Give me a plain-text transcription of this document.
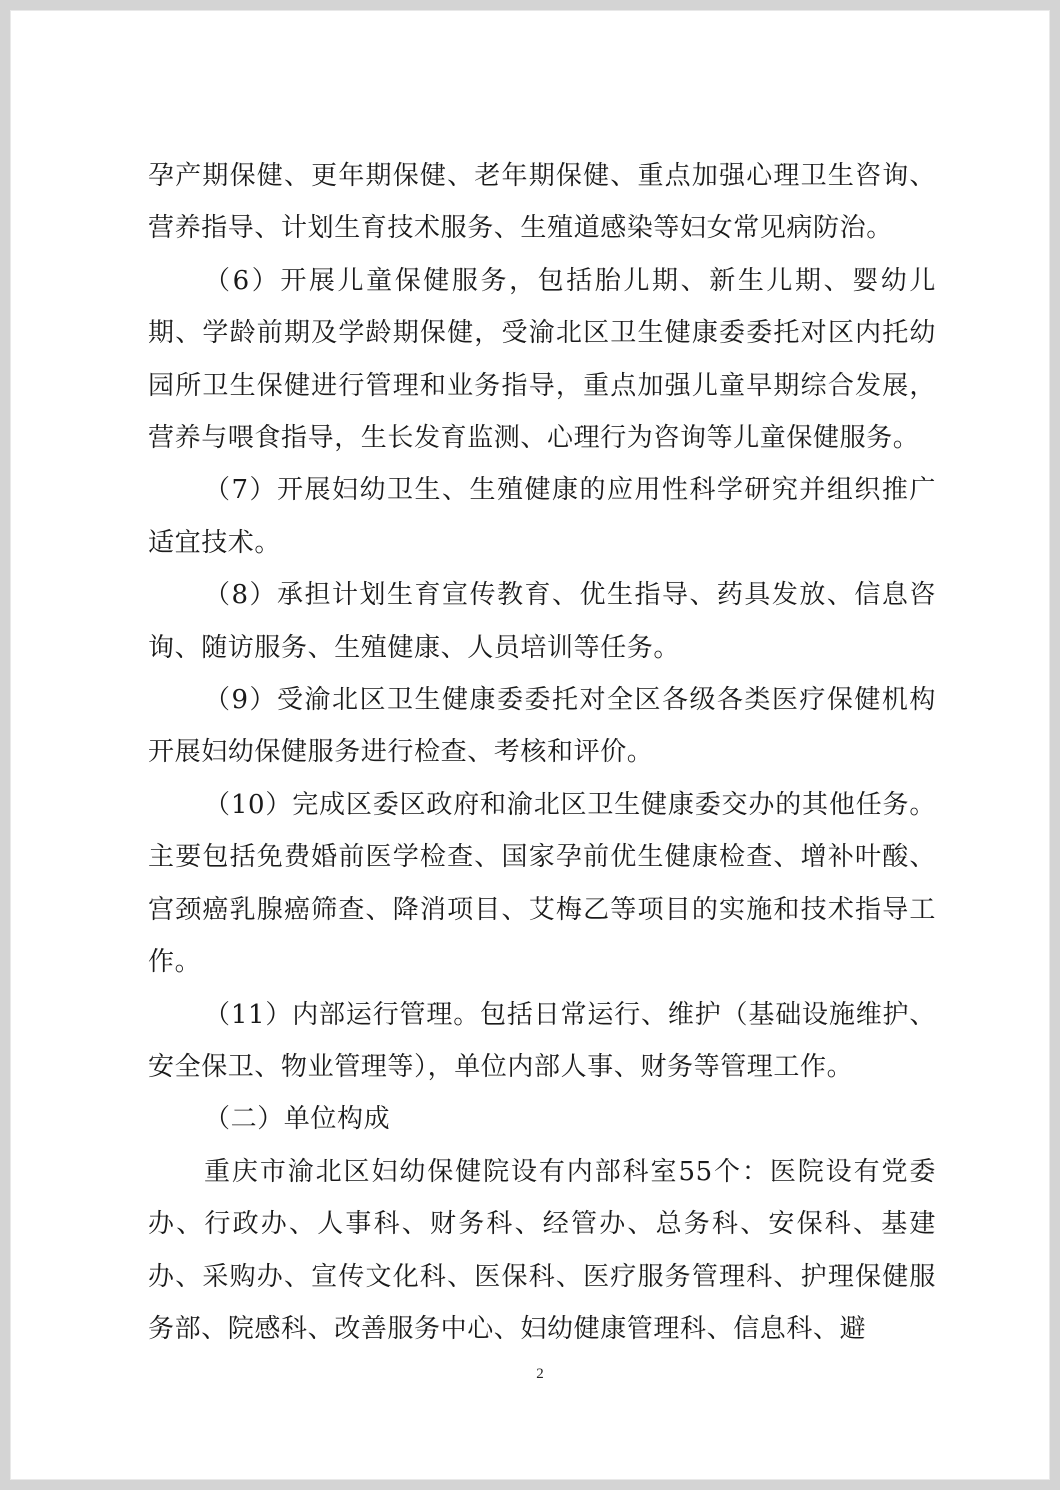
孕产期保健、更年期保健、老年期保健、重点加强心理卫生咨询、营养指导、计划生育技术服务、生殖道感染等妇女常见病防治。

（6）开展儿童保健服务，包括胎儿期、新生儿期、婴幼儿期、学龄前期及学龄期保健，受渝北区卫生健康委委托对区内托幼园所卫生保健进行管理和业务指导，重点加强儿童早期综合发展，营养与喂食指导，生长发育监测、心理行为咨询等儿童保健服务。

（7）开展妇幼卫生、生殖健康的应用性科学研究并组织推广适宜技术。

（8）承担计划生育宣传教育、优生指导、药具发放、信息咨询、随访服务、生殖健康、人员培训等任务。

（9）受渝北区卫生健康委委托对全区各级各类医疗保健机构开展妇幼保健服务进行检查、考核和评价。

（10）完成区委区政府和渝北区卫生健康委交办的其他任务。主要包括免费婚前医学检查、国家孕前优生健康检查、增补叶酸、宫颈癌乳腺癌筛查、降消项目、艾梅乙等项目的实施和技术指导工作。

（11）内部运行管理。包括日常运行、维护（基础设施维护、安全保卫、物业管理等），单位内部人事、财务等管理工作。

（二）单位构成

重庆市渝北区妇幼保健院设有内部科室55个：医院设有党委办、行政办、人事科、财务科、经管办、总务科、安保科、基建办、采购办、宣传文化科、医保科、医疗服务管理科、护理保健服务部、院感科、改善服务中心、妇幼健康管理科、信息科、避

2
